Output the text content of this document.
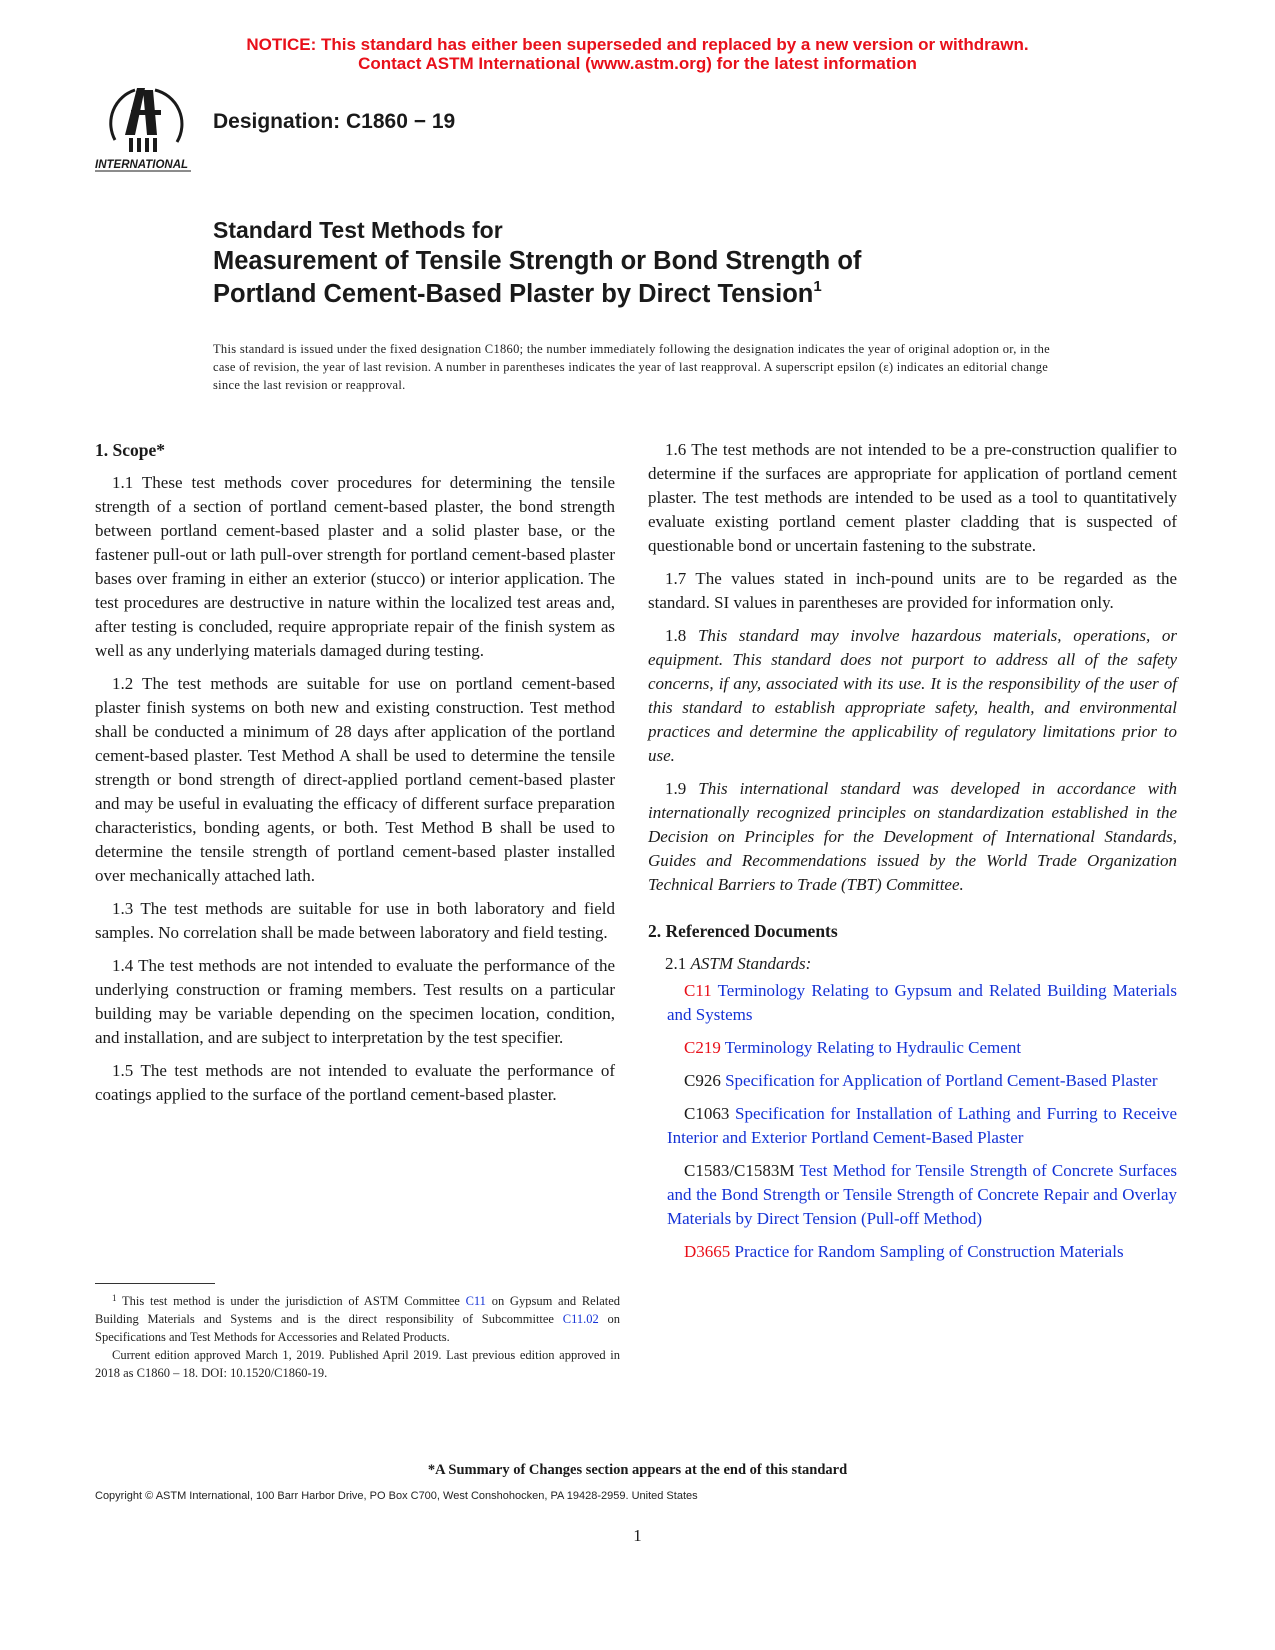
NOTICE: This standard has either been superseded and replaced by a new version or withdrawn.
Contact ASTM International (www.astm.org) for the latest information
INTERNATIONAL
Designation: C1860 − 19
Standard Test Methods for
Measurement of Tensile Strength or Bond Strength of
Portland Cement-Based Plaster by Direct Tension$^1$
This standard is issued under the fixed designation C1860; the number immediately following the designation indicates the year of original adoption or, in the case of revision, the year of last revision. A number in parentheses indicates the year of last reapproval. A superscript epsilon (ε) indicates an editorial change since the last revision or reapproval.
1. Scope*

1.1 These test methods cover procedures for determining the tensile strength of a section of portland cement-based plaster, the bond strength between portland cement-based plaster and a solid plaster base, or the fastener pull-out or lath pull-over strength for portland cement-based plaster bases over framing in either an exterior (stucco) or interior application. The test procedures are destructive in nature within the localized test areas and, after testing is concluded, require appropriate repair of the finish system as well as any underlying materials damaged during testing.

1.2 The test methods are suitable for use on portland cement-based plaster finish systems on both new and existing construction. Test method shall be conducted a minimum of 28 days after application of the portland cement-based plaster. Test Method A shall be used to determine the tensile strength or bond strength of direct-applied portland cement-based plaster and may be useful in evaluating the efficacy of different surface preparation characteristics, bonding agents, or both. Test Method B shall be used to determine the tensile strength of portland cement-based plaster installed over mechanically attached lath.

1.3 The test methods are suitable for use in both laboratory and field samples. No correlation shall be made between laboratory and field testing.

1.4 The test methods are not intended to evaluate the performance of the underlying construction or framing members. Test results on a particular building may be variable depending on the specimen location, condition, and installation, and are subject to interpretation by the test specifier.

1.5 The test methods are not intended to evaluate the performance of coatings applied to the surface of the portland cement-based plaster.

1.6 The test methods are not intended to be a pre-construction qualifier to determine if the surfaces are appropriate for application of portland cement plaster. The test methods are intended to be used as a tool to quantitatively evaluate existing portland cement plaster cladding that is suspected of questionable bond or uncertain fastening to the substrate.

1.7 The values stated in inch-pound units are to be regarded as the standard. SI values in parentheses are provided for information only.

1.8 This standard may involve hazardous materials, operations, or equipment. This standard does not purport to address all of the safety concerns, if any, associated with its use. It is the responsibility of the user of this standard to establish appropriate safety, health, and environmental practices and determine the applicability of regulatory limitations prior to use.

1.9 This international standard was developed in accordance with internationally recognized principles on standardization established in the Decision on Principles for the Development of International Standards, Guides and Recommendations issued by the World Trade Organization Technical Barriers to Trade (TBT) Committee.

2. Referenced Documents

2.1 ASTM Standards:

C11 Terminology Relating to Gypsum and Related Building Materials and Systems

C219 Terminology Relating to Hydraulic Cement

C926 Specification for Application of Portland Cement-Based Plaster

C1063 Specification for Installation of Lathing and Furring to Receive Interior and Exterior Portland Cement-Based Plaster

C1583/C1583M Test Method for Tensile Strength of Concrete Surfaces and the Bond Strength or Tensile Strength of Concrete Repair and Overlay Materials by Direct Tension (Pull-off Method)

D3665 Practice for Random Sampling of Construction Materials

$^1$ This test method is under the jurisdiction of ASTM Committee C11 on Gypsum and Related Building Materials and Systems and is the direct responsibility of Subcommittee C11.02 on Specifications and Test Methods for Accessories and Related Products.

Current edition approved March 1, 2019. Published April 2019. Last previous edition approved in 2018 as C1860 – 18. DOI: 10.1520/C1860-19.

*A Summary of Changes section appears at the end of this standard
Copyright © ASTM International, 100 Barr Harbor Drive, PO Box C700, West Conshohocken, PA 19428-2959. United States
1
